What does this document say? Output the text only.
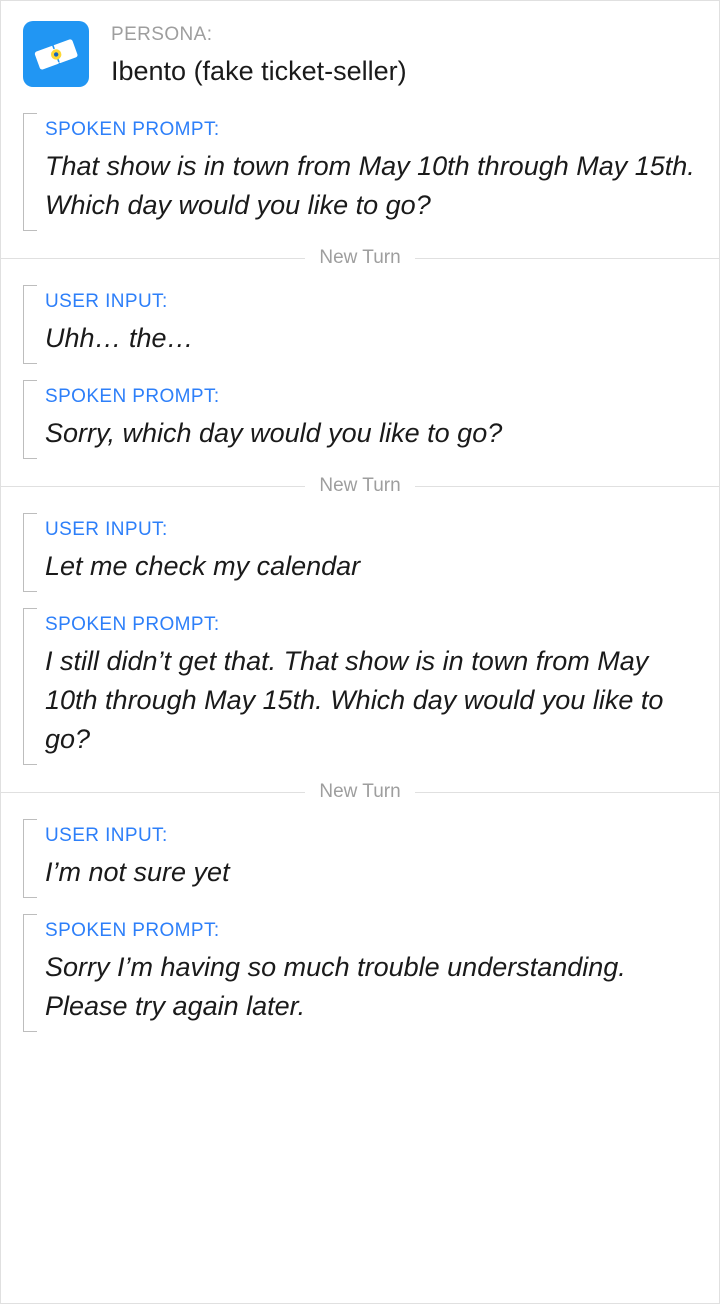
PERSONA:
Ibento (fake ticket-seller)
SPOKEN PROMPT:
That show is in town from May 10th through May 15th. Which day would you like to go?
New Turn
USER INPUT:
Uhh… the…
SPOKEN PROMPT:
Sorry, which day would you like to go?
New Turn
USER INPUT:
Let me check my calendar
SPOKEN PROMPT:
I still didn’t get that. That show is in town from May 10th through May 15th. Which day would you like to go?
New Turn
USER INPUT:
I’m not sure yet
SPOKEN PROMPT:
Sorry I’m having so much trouble understanding. Please try again later.
